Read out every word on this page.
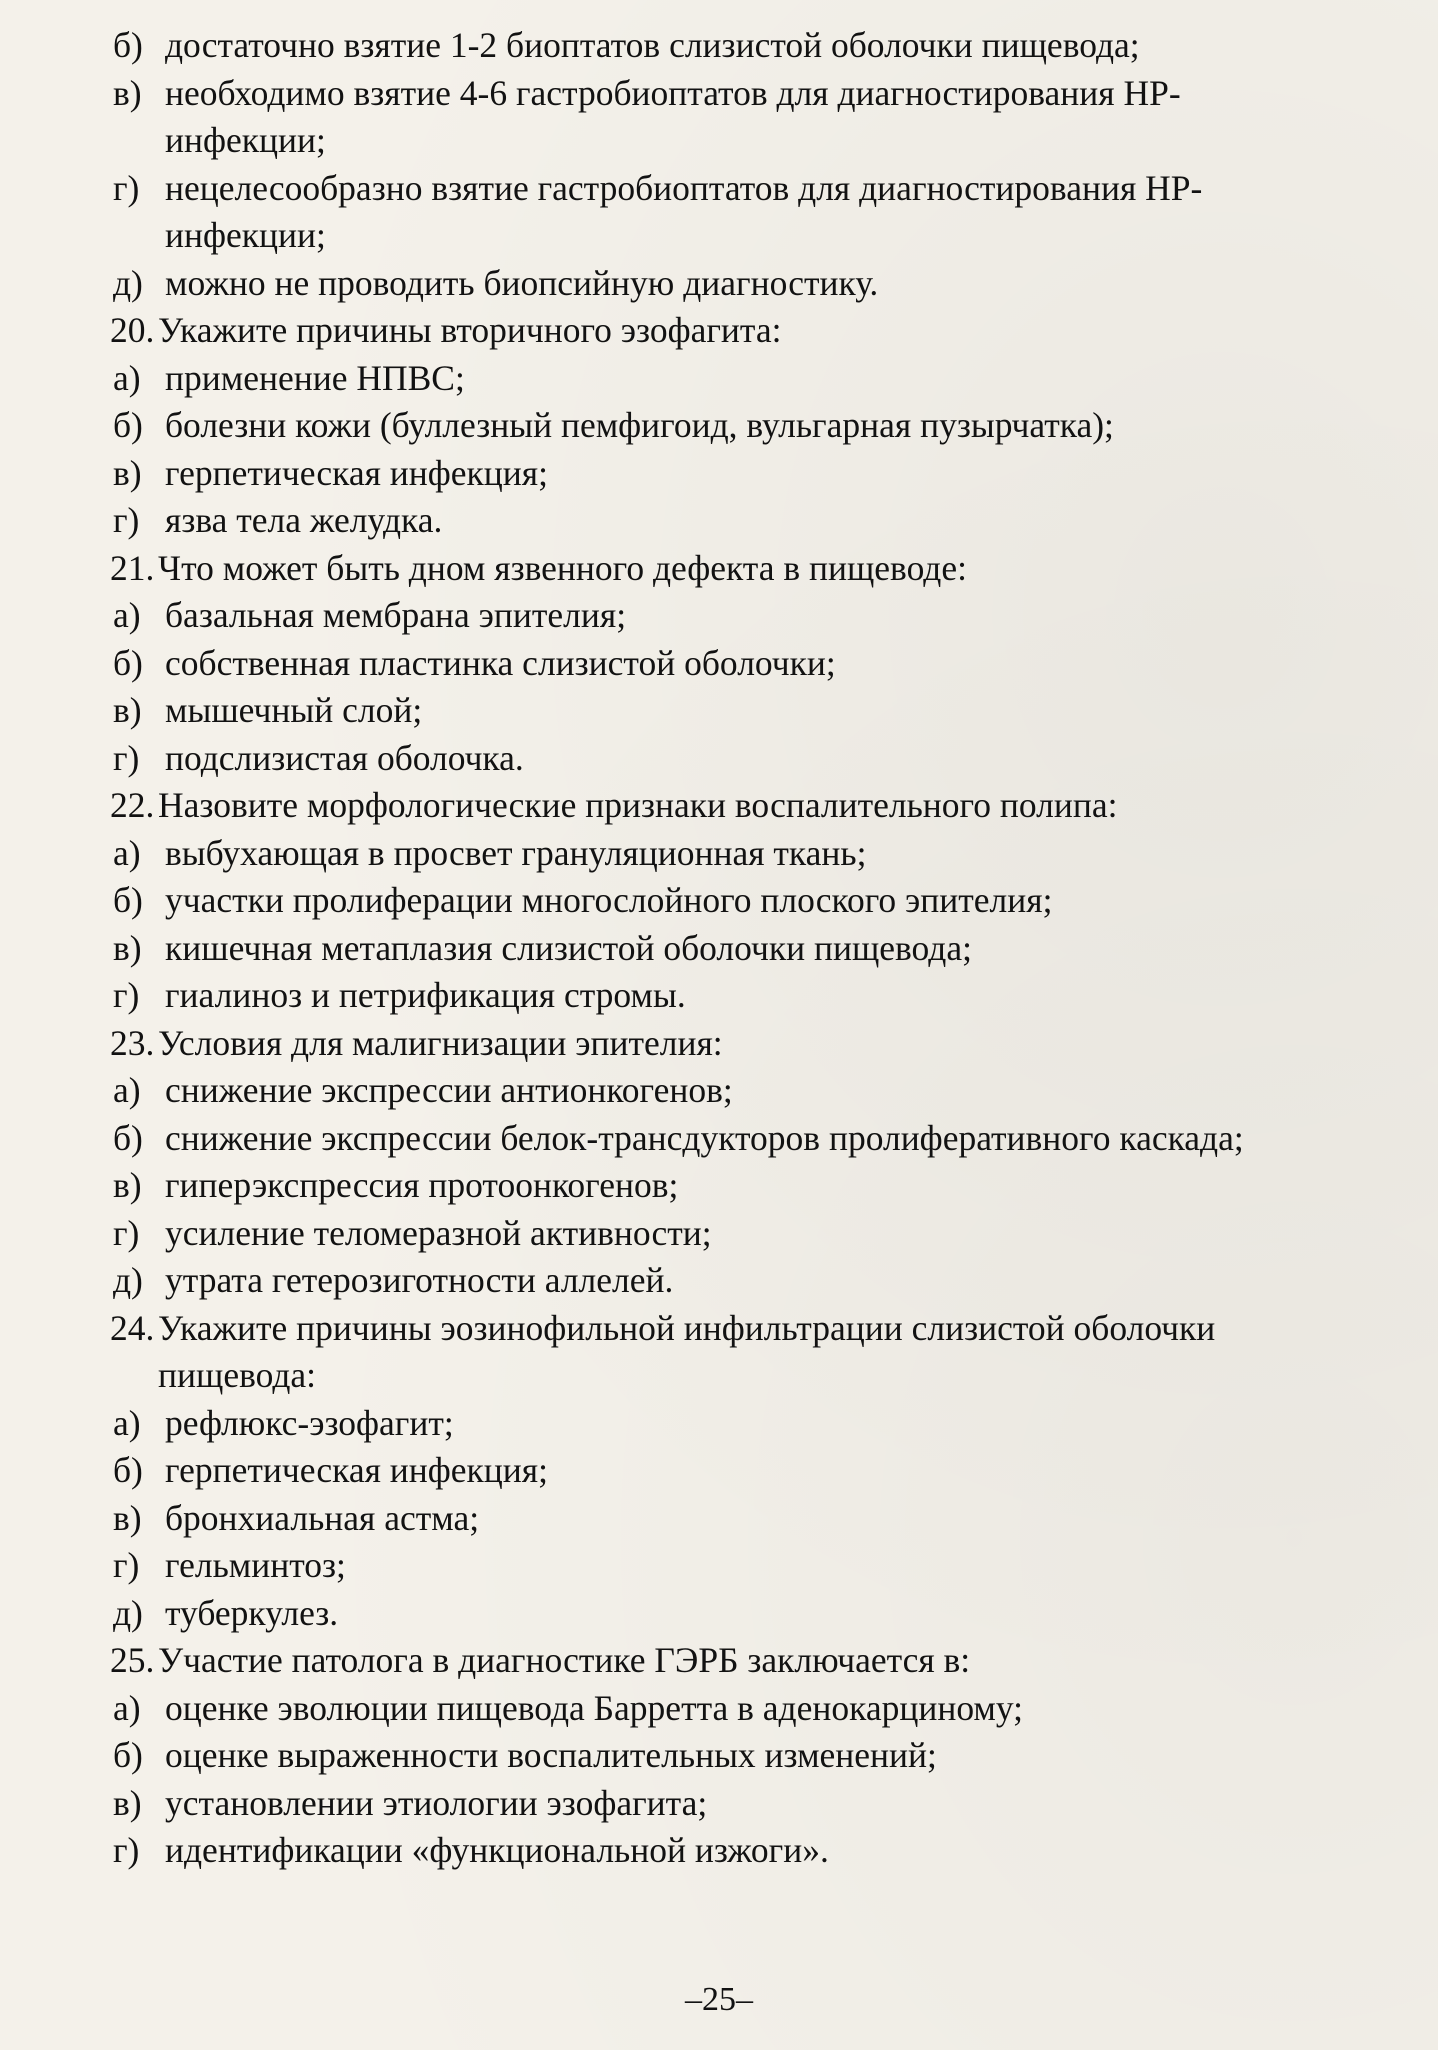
б) достаточно взятие 1-2 биоптатов слизистой оболочки пищевода;
в) необходимо взятие 4-6 гастробиоптатов для диагностирования НР-инфекции;
г) нецелесообразно взятие гастробиоптатов для диагностирования НР-инфекции;
д) можно не проводить биопсийную диагностику.
20. Укажите причины вторичного эзофагита:
а) применение НПВС;
б) болезни кожи (буллезный пемфигоид, вульгарная пузырчатка);
в) герпетическая инфекция;
г) язва тела желудка.
21. Что может быть дном язвенного дефекта в пищеводе:
а) базальная мембрана эпителия;
б) собственная пластинка слизистой оболочки;
в) мышечный слой;
г) подслизистая оболочка.
22. Назовите морфологические признаки воспалительного полипа:
а) выбухающая в просвет грануляционная ткань;
б) участки пролиферации многослойного плоского эпителия;
в) кишечная метаплазия слизистой оболочки пищевода;
г) гиалиноз и петрификация стромы.
23. Условия для малигнизации эпителия:
а) снижение экспрессии антионкогенов;
б) снижение экспрессии белок-трансдукторов пролиферативного каскада;
в) гиперэкспрессия протоонкогенов;
г) усиление теломеразной активности;
д) утрата гетерозиготности аллелей.
24. Укажите причины эозинофильной инфильтрации слизистой оболочки пищевода:
а) рефлюкс-эзофагит;
б) герпетическая инфекция;
в) бронхиальная астма;
г) гельминтоз;
д) туберкулез.
25. Участие патолога в диагностике ГЭРБ заключается в:
а) оценке эволюции пищевода Барретта в аденокарциному;
б) оценке выраженности воспалительных изменений;
в) установлении этиологии эзофагита;
г) идентификации «функциональной изжоги».
–25–
